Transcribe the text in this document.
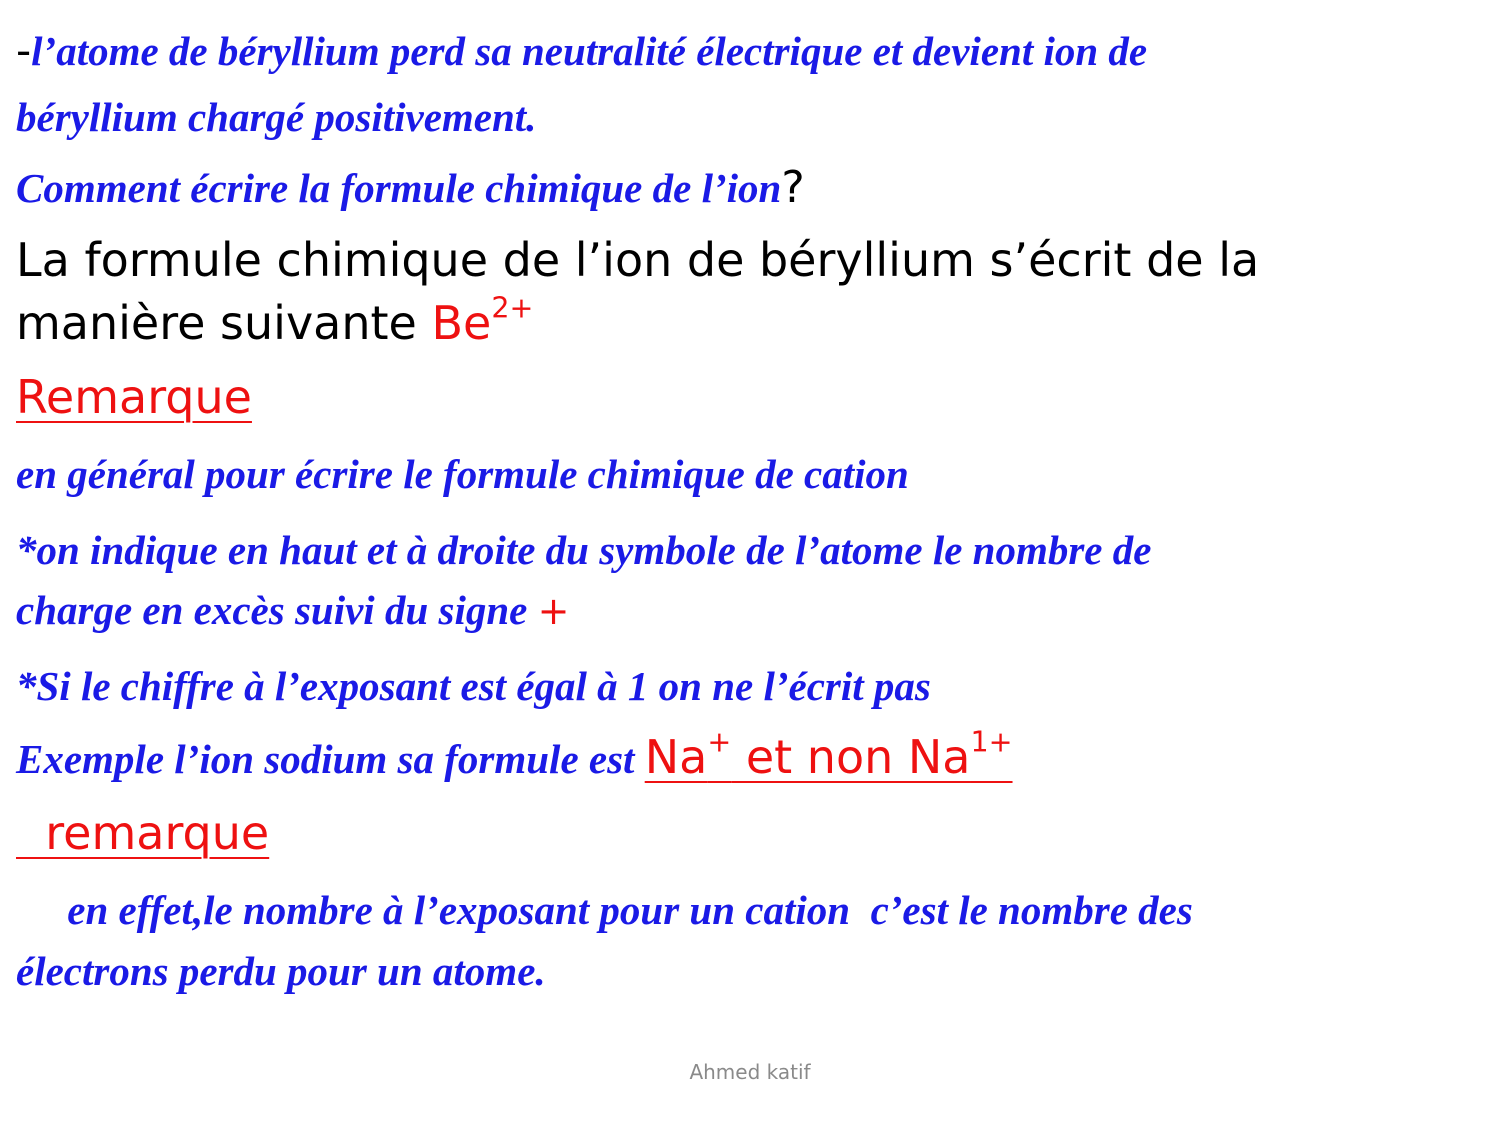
-l’atome de béryllium perd sa neutralité électrique et devient ion de
béryllium chargé positivement.
Comment écrire la formule chimique de l’ion?
La formule chimique de l’ion de béryllium s’écrit de la
manière suivante $Be^{2+}$
Remarque
en général pour écrire le formule chimique de cation
*on indique en haut et à droite du symbole de l’atome le nombre de
charge en excès suivi du signe +
*Si le chiffre à l’exposant est égal à 1 on ne l’écrit pas
Exemple l’ion sodium sa formule est Na+ et non $Na^{1+}$
remarque
en effet,le nombre à l’exposant pour un cation  c’est le nombre des
électrons perdu pour un atome.
Ahmed katif
